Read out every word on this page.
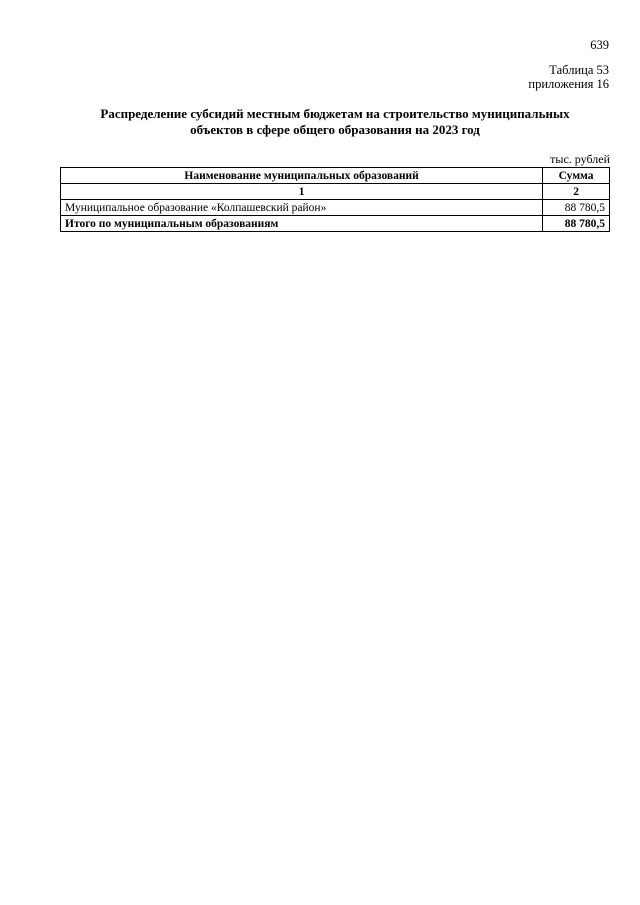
639
Таблица 53
приложения 16
Распределение субсидий местным бюджетам на строительство муниципальных
объектов в сфере общего образования на 2023 год
тыс. рублей
Наименование муниципальных образований	Сумма
1	2
Муниципальное образование «Колпашевский район»	88 780,5
Итого по муниципальным образованиям	88 780,5
